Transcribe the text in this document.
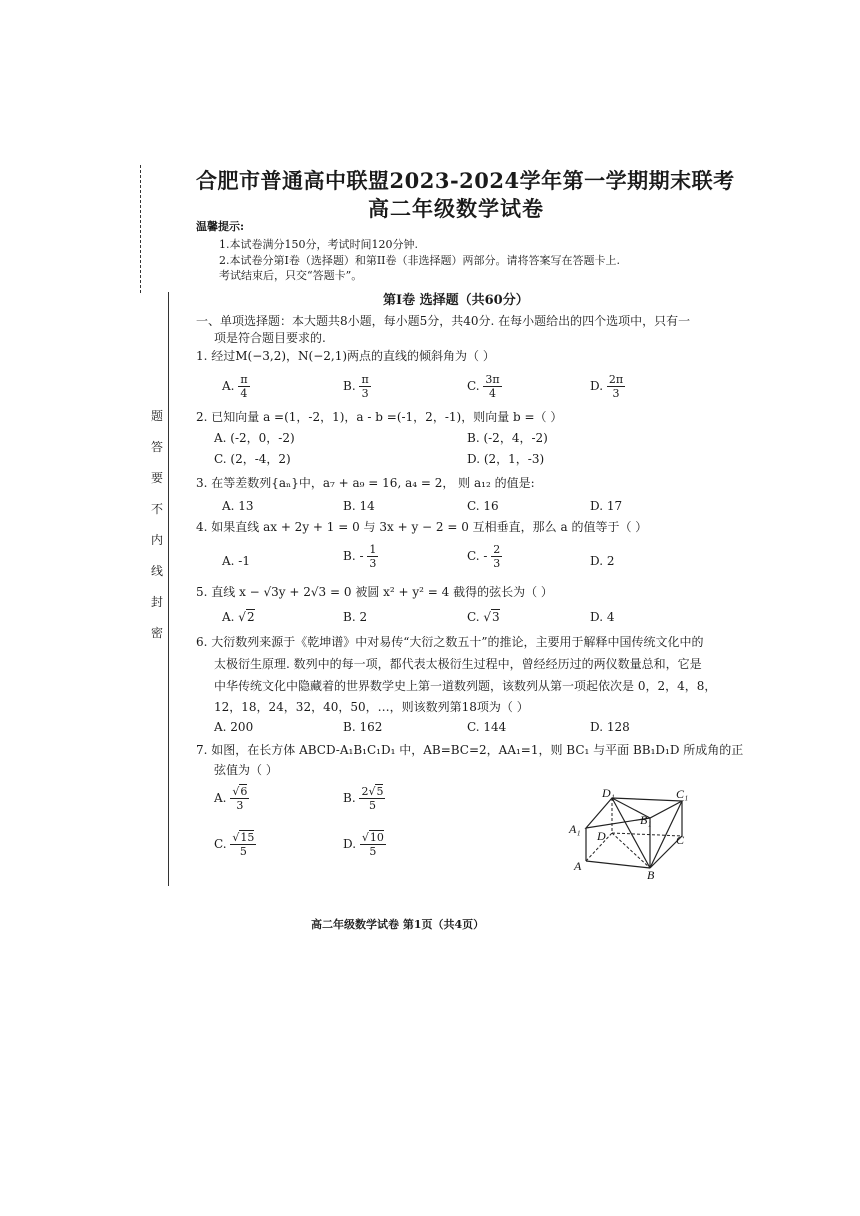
题
答
要
不
内
线
封
密
合肥市普通高中联盟2023-2024学年第一学期期末联考
高二年级数学试卷
温馨提示:
1.本试卷满分150分，考试时间120分钟.
2.本试卷分第I卷（选择题）和第II卷（非选择题）两部分。请将答案写在答题卡上.
考试结束后，只交“答题卡”。
第Ⅰ卷 选择题（共60分）
一、单项选择题：本大题共8小题，每小题5分，共40分. 在每小题给出的四个选项中，只有一
项是符合题目要求的.
1. 经过M(−3,2)，N(−2,1)两点的直线的倾斜角为（ ）
A. $\frac{\pi}{4}$	B. $\frac{\pi}{3}$	C. $\frac{3\pi}{4}$	D. $\frac{2\pi}{3}$
2. 已知向量 a =(1，-2，1)，a - b =(-1，2，-1)，则向量 b =（ ）
A. (-2，0，-2)	B. (-2，4，-2)
C. (2，-4，2)	D. (2，1，-3)
3. 在等差数列{aₙ}中，a₇ + a₉ = 16, a₄ = 2， 则 a₁₂ 的值是:
A. 13	B. 14	C. 16	D. 17
4. 如果直线 ax + 2y + 1 = 0 与 3x + y − 2 = 0 互相垂直，那么 a 的值等于（ ）
A. -1	B. - $\frac{1}{3}$	C. - $\frac{2}{3}$	D. 2
5. 直线 x − √3y + 2√3 = 0 被圆 x² + y² = 4 截得的弦长为（ ）
A. √2	B. 2	C. √3	D. 4
6. 大衍数列来源于《乾坤谱》中对易传“大衍之数五十”的推论，主要用于解释中国传统文化中的
太极衍生原理. 数列中的每一项，都代表太极衍生过程中，曾经经历过的两仪数量总和，它是
中华传统文化中隐藏着的世界数学史上第一道数列题，该数列从第一项起依次是 0，2，4，8，
12，18，24，32，40，50，…，则该数列第18项为（ ）
A. 200	B. 162	C. 144	D. 128
7. 如图，在长方体 ABCD-A₁B₁C₁D₁ 中，AB=BC=2，AA₁=1，则 BC₁ 与平面 BB₁D₁D 所成角的正
弦值为（ ）
A. $\frac{√6}{3}$	B. $\frac{2√5}{5}$
C. $\frac{√15}{5}$	D. $\frac{√10}{5}$
D₁	C₁
B₁
A₁ D	C
A
B
高二年级数学试卷 第1页（共4页）
